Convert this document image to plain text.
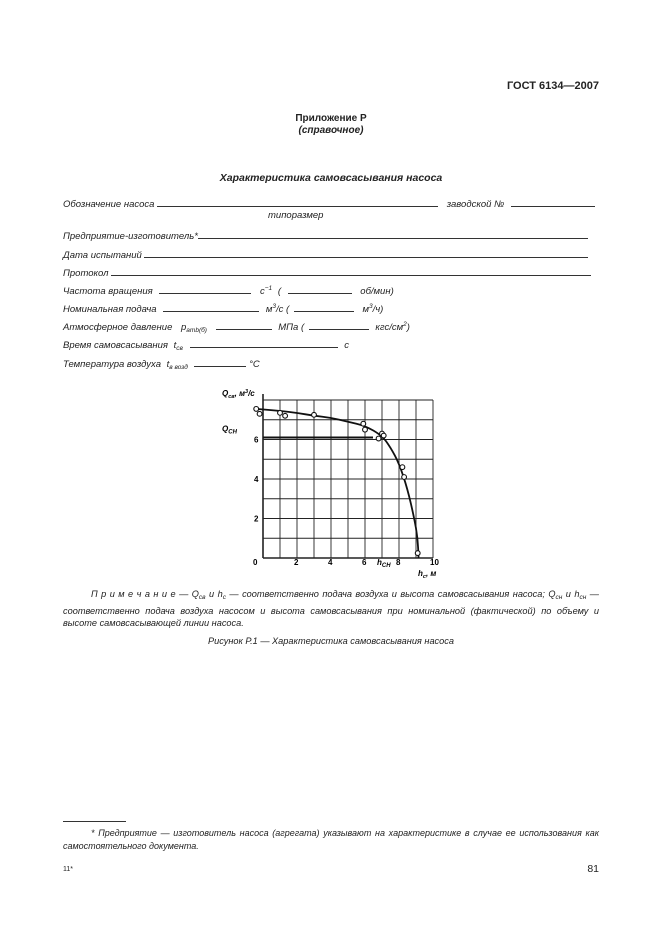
ГОСТ 6134—2007
Приложение Р
(справочное)
Характеристика самовсасывания насоса
Обозначение насоса	заводской №
типоразмер
Предприятие-изготовитель*
Дата испытаний
Протокол
Частота вращения	$с^{-1}$ (	об/мин)
Номинальная подача	$м^3/с$ (	$м^3/ч$)
Атмосферное давление $p_{amb(б)}$	МПа (	кгс/$см^2$)
Время самовсасывания $t_{св}$	с
Температура воздуха $t_{в возд}$	°С
0	2	4	6	8	10
2
4
6
$Q_{св}$, $м^3/с$
$Q_{CH}$
$h_{CH}$
$h_с$, м
П р и м е ч а н и е — $Q_{св}$ и $h_с$ — соответственно подача воздуха и высота самовсасывания насоса; $Q_{сн}$ и $h_{сн}$ — соответственно подача воздуха насосом и высота самовсасывания при номинальной (фактической) по объему и высоте самовсасывающей линии насоса.
Рисунок Р.1 — Характеристика самовсасывания насоса
* Предприятие — изготовитель насоса (агрегата) указывают на характеристике в случае ее использования как самостоятельного документа.
11*	81
